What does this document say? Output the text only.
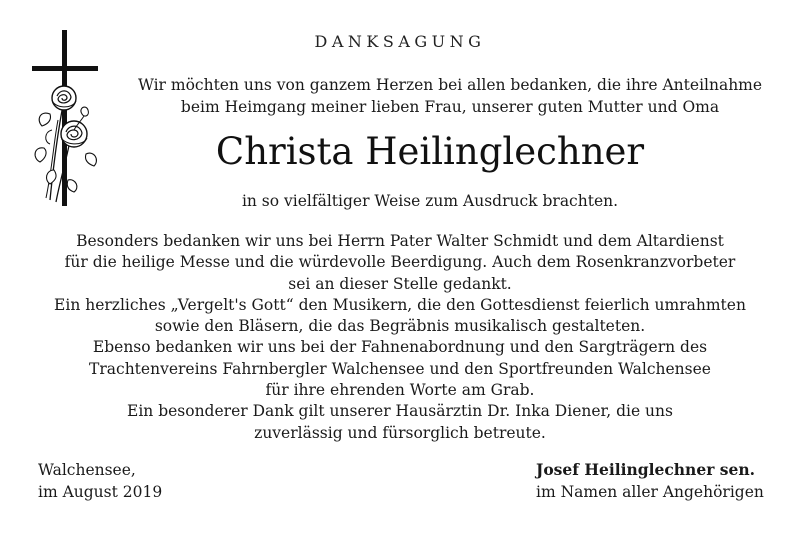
DANKSAGUNG
Wir möchten uns von ganzem Herzen bei allen bedanken, die ihre Anteilnahme
beim Heimgang meiner lieben Frau, unserer guten Mutter und Oma
Christa Heilinglechner
in so vielfältiger Weise zum Ausdruck brachten.
Besonders bedanken wir uns bei Herrn Pater Walter Schmidt und dem Altardienst
für die heilige Messe und die würdevolle Beerdigung. Auch dem Rosenkranzvorbeter
sei an dieser Stelle gedankt.
Ein herzliches „Vergelt's Gott“ den Musikern, die den Gottesdienst feierlich umrahmten
sowie den Bläsern, die das Begräbnis musikalisch gestalteten.
Ebenso bedanken wir uns bei der Fahnenabordnung und den Sargträgern des
Trachtenvereins Fahrnbergler Walchensee und den Sportfreunden Walchensee
für ihre ehrenden Worte am Grab.
Ein besonderer Dank gilt unserer Hausärztin Dr. Inka Diener, die uns
zuverlässig und fürsorglich betreute.
Walchensee,
im August 2019
Josef Heilinglechner sen.
im Namen aller Angehörigen
